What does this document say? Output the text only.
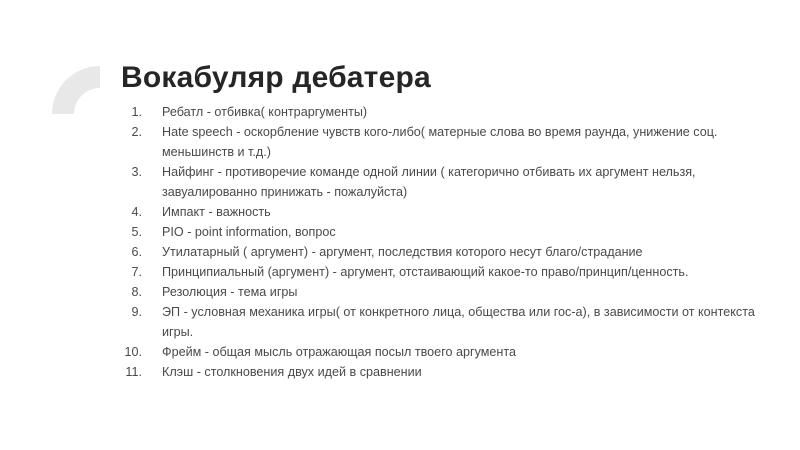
Вокабуляр дебатера
1. Ребатл - отбивка( контраргументы)
2. Hate speech - оскорбление чувств кого-либо( матерные слова во время раунда, унижение соц. меньшинств и т.д.)
3. Найфинг - противоречие команде одной линии ( категорично отбивать их аргумент нельзя, завуалированно принижать - пожалуйста)
4. Импакт - важность
5. PIO - point information, вопрос
6. Утилатарный ( аргумент) - аргумент, последствия которого несут благо/страдание
7. Принципиальный (аргумент) - аргумент, отстаивающий какое-то право/принцип/ценность.
8. Резолюция - тема игры
9. ЭП - условная механика игры( от конкретного лица, общества или гос-а), в зависимости от контекста игры.
10. Фрейм - общая мысль отражающая посыл твоего аргумента
11. Клэш - столкновения двух идей в сравнении
